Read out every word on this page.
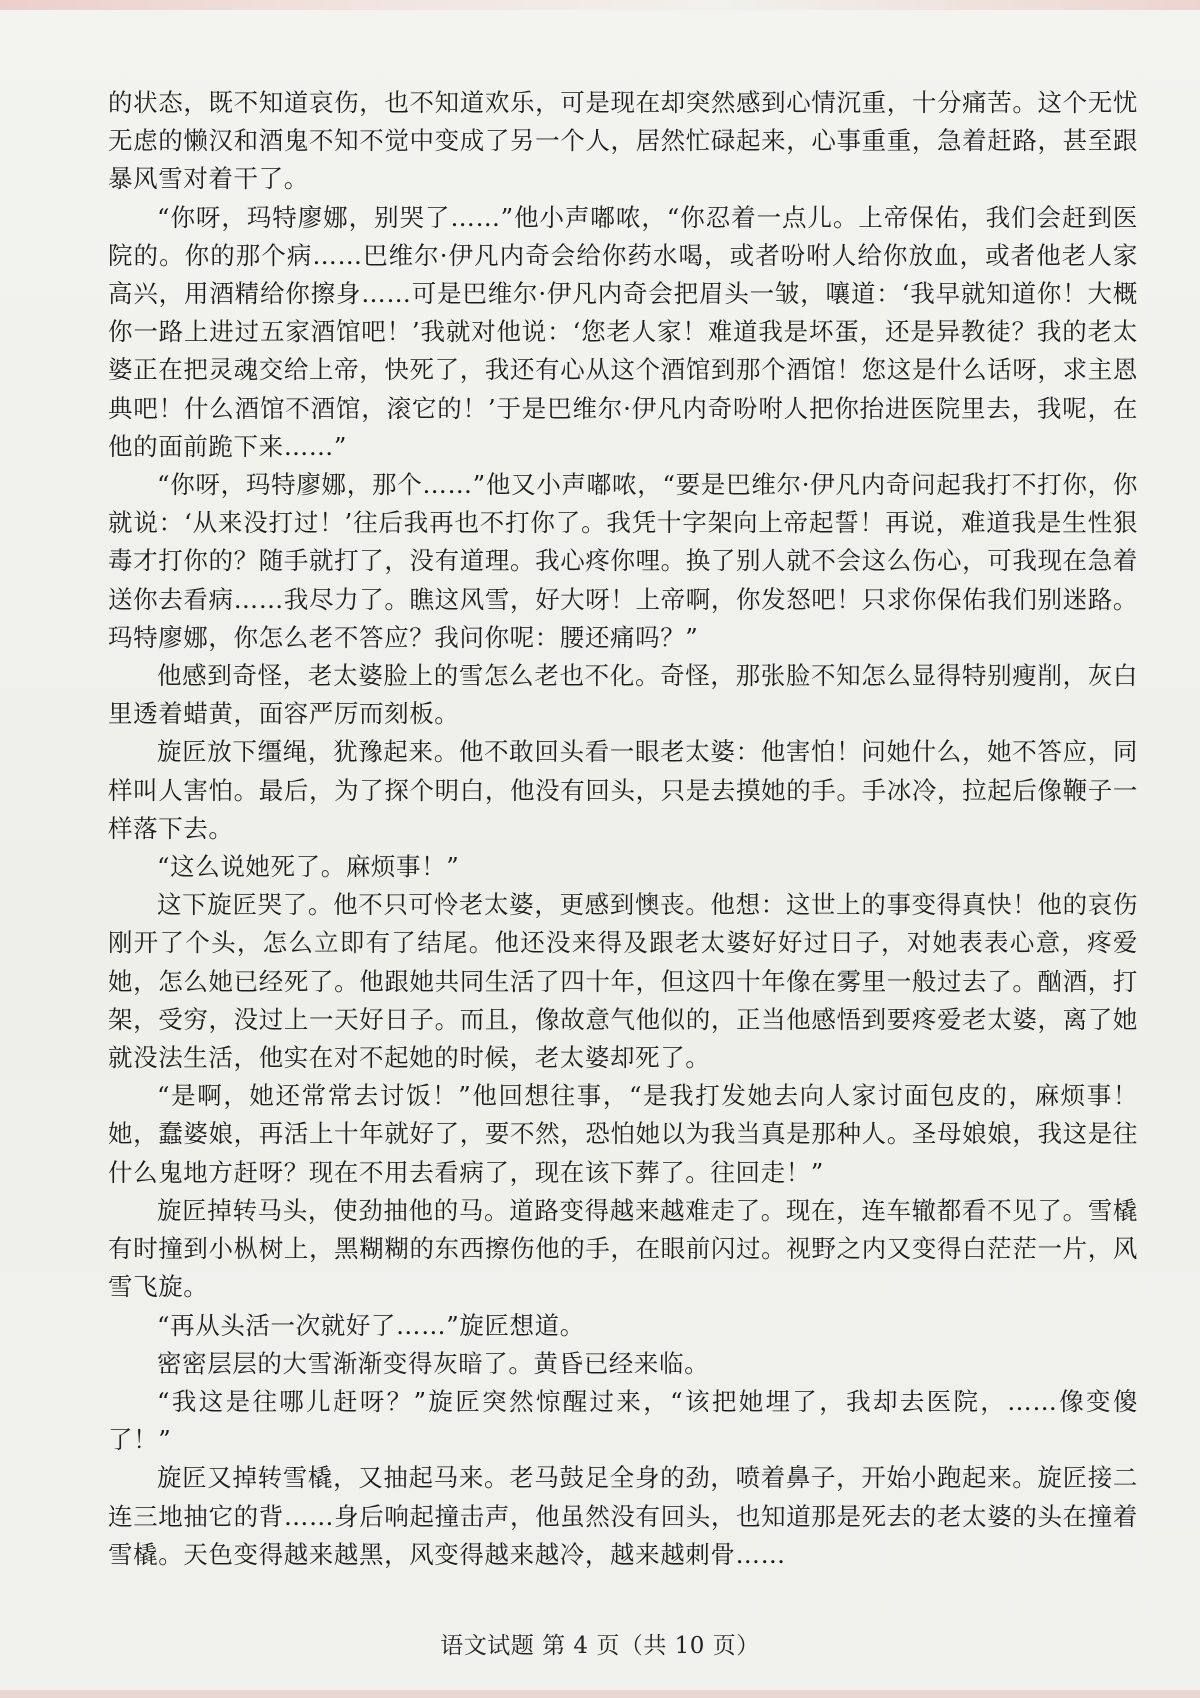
的状态，既不知道哀伤，也不知道欢乐，可是现在却突然感到心情沉重，十分痛苦。这个无忧无虑的懒汉和酒鬼不知不觉中变成了另一个人，居然忙碌起来，心事重重，急着赶路，甚至跟暴风雪对着干了。

“你呀，玛特廖娜，别哭了……”他小声嘟哝，“你忍着一点儿。上帝保佑，我们会赶到医院的。你的那个病……巴维尔·伊凡内奇会给你药水喝，或者吩咐人给你放血，或者他老人家高兴，用酒精给你擦身……可是巴维尔·伊凡内奇会把眉头一皱，嚷道：‘我早就知道你！大概你一路上进过五家酒馆吧！’我就对他说：‘您老人家！难道我是坏蛋，还是异教徒？我的老太婆正在把灵魂交给上帝，快死了，我还有心从这个酒馆到那个酒馆！您这是什么话呀，求主恩典吧！什么酒馆不酒馆，滚它的！’于是巴维尔·伊凡内奇吩咐人把你抬进医院里去，我呢，在他的面前跪下来……”

“你呀，玛特廖娜，那个……”他又小声嘟哝，“要是巴维尔·伊凡内奇问起我打不打你，你就说：‘从来没打过！’往后我再也不打你了。我凭十字架向上帝起誓！再说，难道我是生性狠毒才打你的？随手就打了，没有道理。我心疼你哩。换了别人就不会这么伤心，可我现在急着送你去看病……我尽力了。瞧这风雪，好大呀！上帝啊，你发怒吧！只求你保佑我们别迷路。玛特廖娜，你怎么老不答应？我问你呢：腰还痛吗？”

他感到奇怪，老太婆脸上的雪怎么老也不化。奇怪，那张脸不知怎么显得特别瘦削，灰白里透着蜡黄，面容严厉而刻板。

旋匠放下缰绳，犹豫起来。他不敢回头看一眼老太婆：他害怕！问她什么，她不答应，同样叫人害怕。最后，为了探个明白，他没有回头，只是去摸她的手。手冰冷，拉起后像鞭子一样落下去。

“这么说她死了。麻烦事！”

这下旋匠哭了。他不只可怜老太婆，更感到懊丧。他想：这世上的事变得真快！他的哀伤刚开了个头，怎么立即有了结尾。他还没来得及跟老太婆好好过日子，对她表表心意，疼爱她，怎么她已经死了。他跟她共同生活了四十年，但这四十年像在雾里一般过去了。酗酒，打架，受穷，没过上一天好日子。而且，像故意气他似的，正当他感悟到要疼爱老太婆，离了她就没法生活，他实在对不起她的时候，老太婆却死了。

“是啊，她还常常去讨饭！”他回想往事，“是我打发她去向人家讨面包皮的，麻烦事！她，蠢婆娘，再活上十年就好了，要不然，恐怕她以为我当真是那种人。圣母娘娘，我这是往什么鬼地方赶呀？现在不用去看病了，现在该下葬了。往回走！”

旋匠掉转马头，使劲抽他的马。道路变得越来越难走了。现在，连车辙都看不见了。雪橇有时撞到小枞树上，黑糊糊的东西擦伤他的手，在眼前闪过。视野之内又变得白茫茫一片，风雪飞旋。

“再从头活一次就好了……”旋匠想道。

密密层层的大雪渐渐变得灰暗了。黄昏已经来临。

“我这是往哪儿赶呀？”旋匠突然惊醒过来，“该把她埋了，我却去医院，……像变傻了！”

旋匠又掉转雪橇，又抽起马来。老马鼓足全身的劲，喷着鼻子，开始小跑起来。旋匠接二连三地抽它的背……身后响起撞击声，他虽然没有回头，也知道那是死去的老太婆的头在撞着雪橇。天色变得越来越黑，风变得越来越冷，越来越刺骨……

语文试题 第 4 页（共 10 页）
